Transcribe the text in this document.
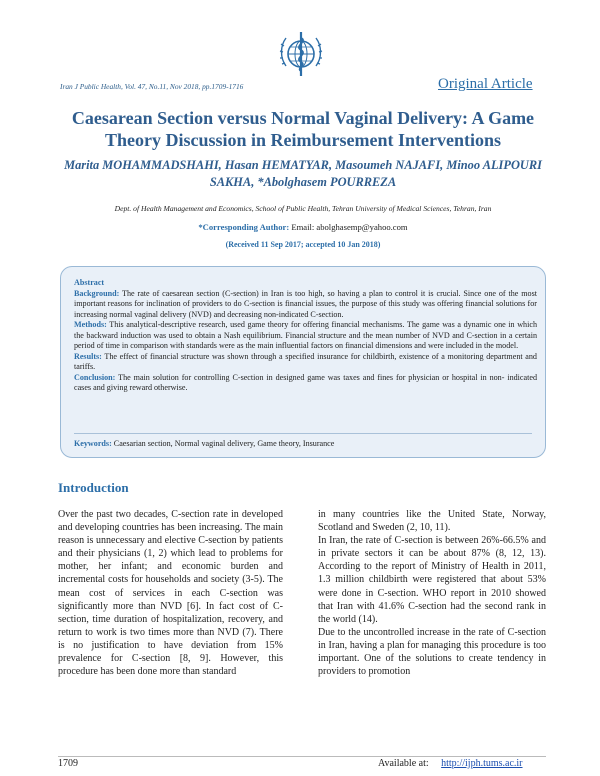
Iran J Public Health, Vol. 47, No.11, Nov 2018, pp.1709-1716	Original Article
Caesarean Section versus Normal Vaginal Delivery: A Game Theory Discussion in Reimbursement Interventions
Marita MOHAMMADSHAHI, Hasan HEMATYAR, Masoumeh NAJAFI, Minoo ALIPOURI SAKHA, *Abolghasem POURREZA
Dept. of Health Management and Economics, School of Public Health, Tehran University of Medical Sciences, Tehran, Iran
*Corresponding Author: Email: abolghasemp@yahoo.com
(Received 11 Sep 2017; accepted 10 Jan 2018)
Abstract
Background: The rate of caesarean section (C-section) in Iran is too high, so having a plan to control it is crucial. Since one of the most important reasons for inclination of providers to do C-section is financial issues, the purpose of this study was offering financial solutions for increasing normal vaginal delivery (NVD) and decreasing non-indicated C-section.
Methods: This analytical-descriptive research, used game theory for offering financial mechanisms. The game was a dynamic one in which the backward induction was used to obtain a Nash equilibrium. Financial structure and the mean number of NVD and C-section in a certain period of time in comparison with standards were as the main influential factors on financial dimensions and were included in the model.
Results: The effect of financial structure was shown through a specified insurance for childbirth, existence of a monitoring department and tariffs.
Conclusion: The main solution for controlling C-section in designed game was taxes and fines for physician or hospital in non- indicated cases and giving reward otherwise.
Keywords: Caesarian section, Normal vaginal delivery, Game theory, Insurance
Introduction

Over the past two decades, C-section rate in developed and developing countries has been increasing. The main reason is unnecessary and elective C-section by patients and their physicians (1, 2) which lead to problems for mother, her infant; and economic burden and incremental costs for households and society (3-5). The mean cost of services in each C-section was significantly more than NVD [6]. In fact cost of C-section, time duration of hospitalization, recovery, and return to work is two times more than NVD (7). There is no justification to have deviation from 15% prevalence for C-section [8, 9]. However, this procedure has been done more than standard

in many countries like the United State, Norway, Scotland and Sweden (2, 10, 11).

In Iran, the rate of C-section is between 26%-66.5% and in private sectors it can be about 87% (8, 12, 13). According to the report of Ministry of Health in 2011, 1.3 million childbirth were registered that about 53% were done in C-section. WHO report in 2010 showed that Iran with 41.6% C-section had the second rank in the world (14).

Due to the uncontrolled increase in the rate of C-section in Iran, having a plan for managing this procedure is too important. One of the solutions to create tendency in providers to promotion

1709	Available at: http://ijph.tums.ac.ir
